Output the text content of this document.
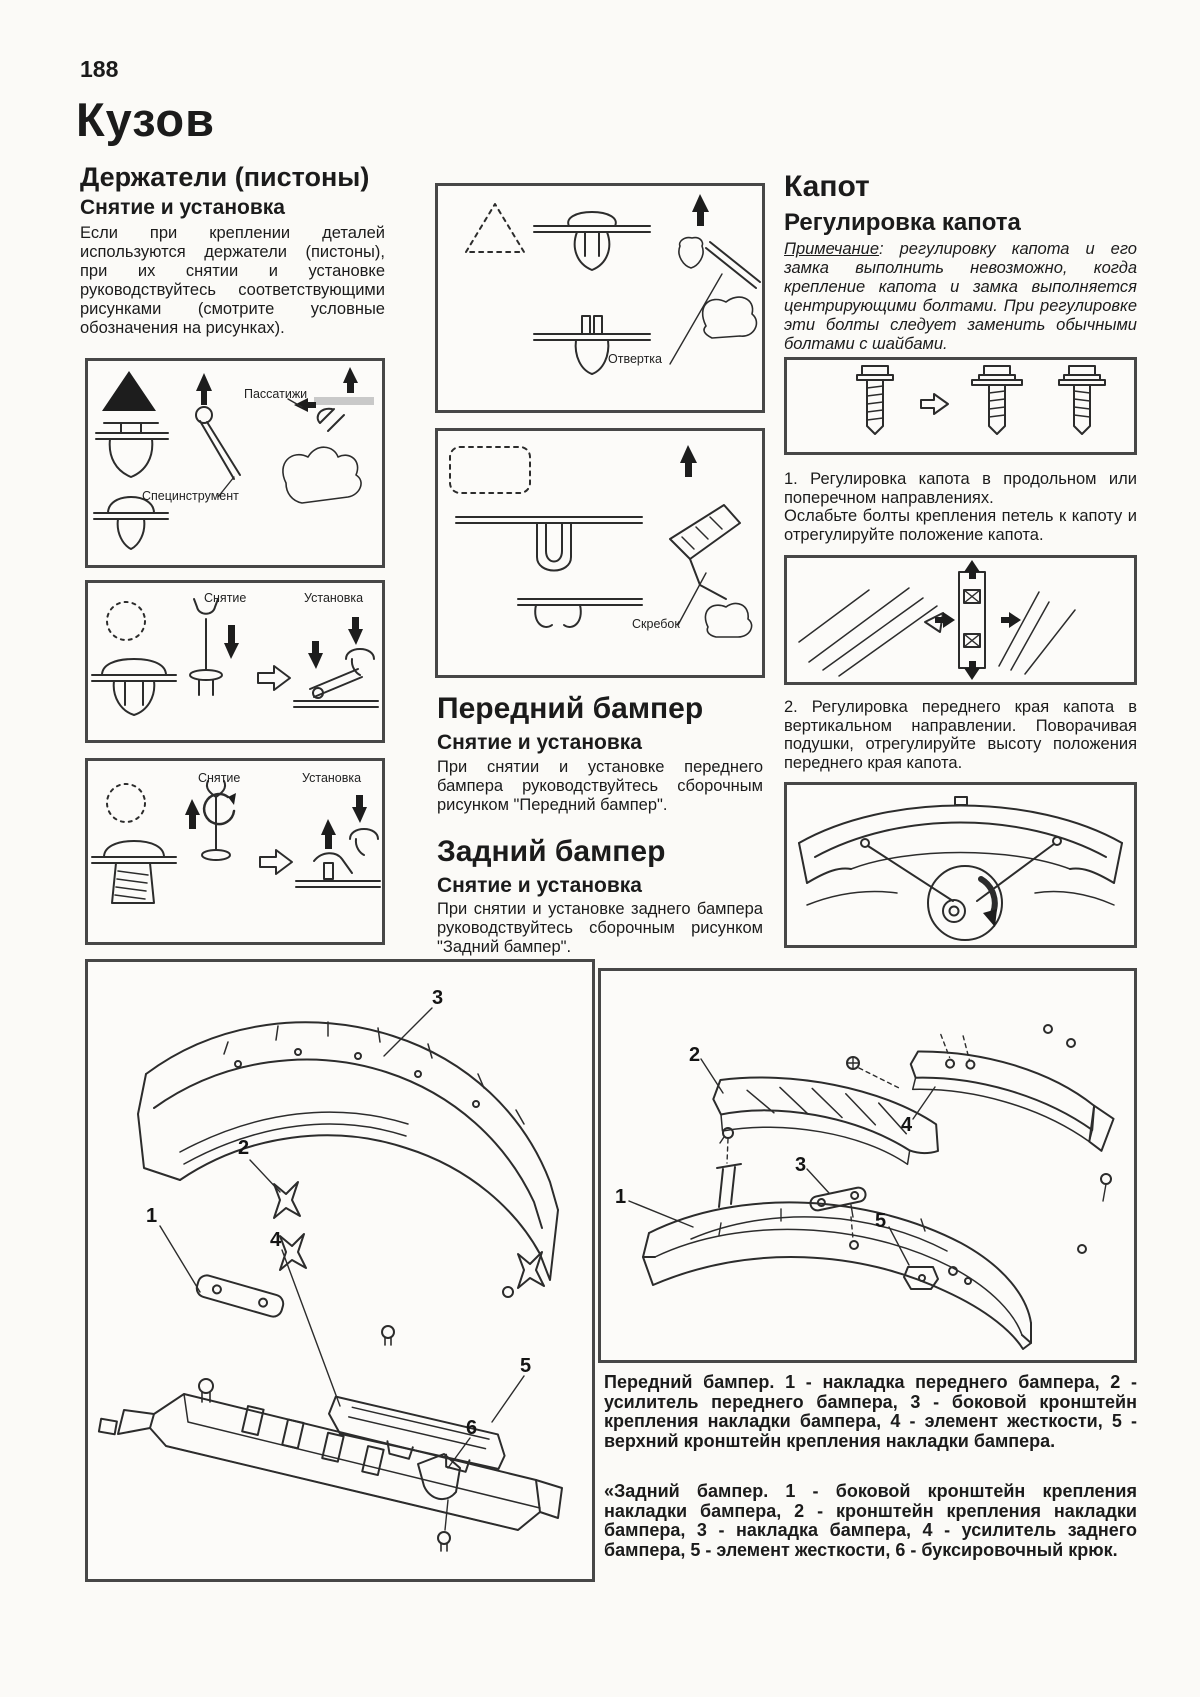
188
Кузов
Держатели (пистоны)
Снятие и установка
Если при креплении деталей используются держатели (пистоны), при их снятии и установке руководствуйтесь соответствующими рисунками (смотрите условные обозначения на рисунках).
Специнструмент
Пассатижи
Снятие	Установка
Снятие	Установка
Отвертка
Скребок
Передний бампер
Снятие и установка
При снятии и установке переднего бампера руководствуйтесь сборочным рисунком "Передний бампер".
Задний бампер
Снятие и установка
При снятии и установке заднего бампера руководствуйтесь сборочным рисунком "Задний бампер".
Капот
Регулировка капота
Примечание: регулировку капота и его замка выполнить невозможно, когда крепление капота и замка выполняется центрирующими болтами. При регулировке эти болты следует заменить обычными болтами с шайбами.
1. Регулировка капота в продольном или поперечном направлениях.
Ослабьте болты крепления петель к капоту и отрегулируйте положение капота.
2. Регулировка переднего края капота в вертикальном направлении. Поворачивая подушки, отрегулируйте высоту положения переднего края капота.
3
2
1
4
5
6
1
2
3
4
5
Передний бампер. 1 - накладка переднего бампера, 2 - усилитель переднего бампера, 3 - боковой кронштейн крепления накладки бампера, 4 - элемент жесткости, 5 - верхний кронштейн крепления накладки бампера.
«Задний бампер. 1 - боковой кронштейн крепления накладки бампера, 2 - кронштейн крепления накладки бампера, 3 - накладка бампера, 4 - усилитель заднего бампера, 5 - элемент жесткости, 6 - буксировочный крюк.
